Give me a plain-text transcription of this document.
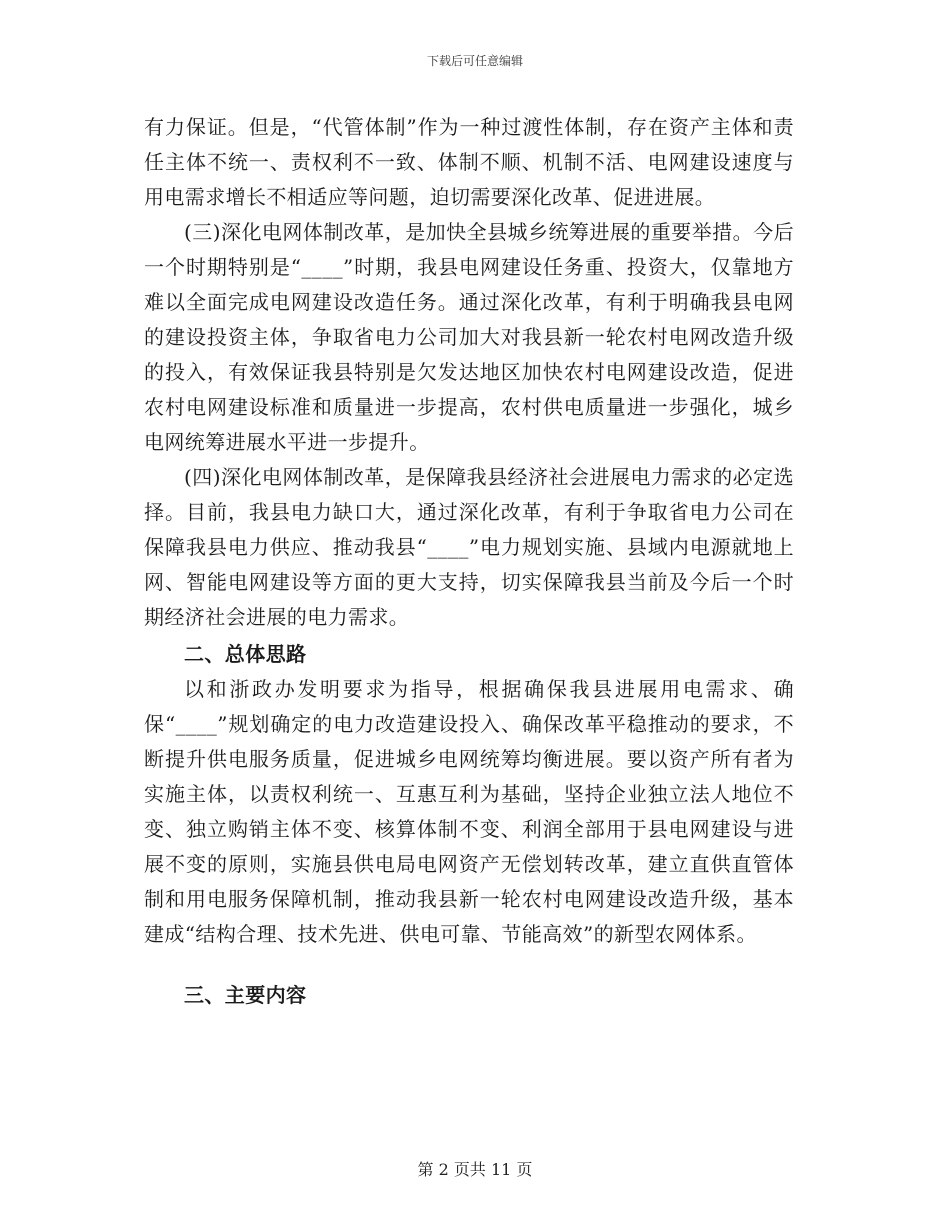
下载后可任意编辑

有力保证。但是，“代管体制”作为一种过渡性体制，存在资产主体和责任主体不统一、责权利不一致、体制不顺、机制不活、电网建设速度与用电需求增长不相适应等问题，迫切需要深化改革、促进进展。

(三)深化电网体制改革，是加快全县城乡统筹进展的重要举措。今后一个时期特别是“____”时期，我县电网建设任务重、投资大，仅靠地方难以全面完成电网建设改造任务。通过深化改革，有利于明确我县电网的建设投资主体，争取省电力公司加大对我县新一轮农村电网改造升级的投入，有效保证我县特别是欠发达地区加快农村电网建设改造，促进农村电网建设标准和质量进一步提高，农村供电质量进一步强化，城乡电网统筹进展水平进一步提升。

(四)深化电网体制改革，是保障我县经济社会进展电力需求的必定选择。目前，我县电力缺口大，通过深化改革，有利于争取省电力公司在保障我县电力供应、推动我县“____”电力规划实施、县域内电源就地上网、智能电网建设等方面的更大支持，切实保障我县当前及今后一个时期经济社会进展的电力需求。

二、总体思路

以和浙政办发明要求为指导，根据确保我县进展用电需求、确保“____”规划确定的电力改造建设投入、确保改革平稳推动的要求，不断提升供电服务质量，促进城乡电网统筹均衡进展。要以资产所有者为实施主体，以责权利统一、互惠互利为基础，坚持企业独立法人地位不变、独立购销主体不变、核算体制不变、利润全部用于县电网建设与进展不变的原则，实施县供电局电网资产无偿划转改革，建立直供直管体制和用电服务保障机制，推动我县新一轮农村电网建设改造升级，基本建成“结构合理、技术先进、供电可靠、节能高效”的新型农网体系。

三、主要内容
第 2 页共 11 页
